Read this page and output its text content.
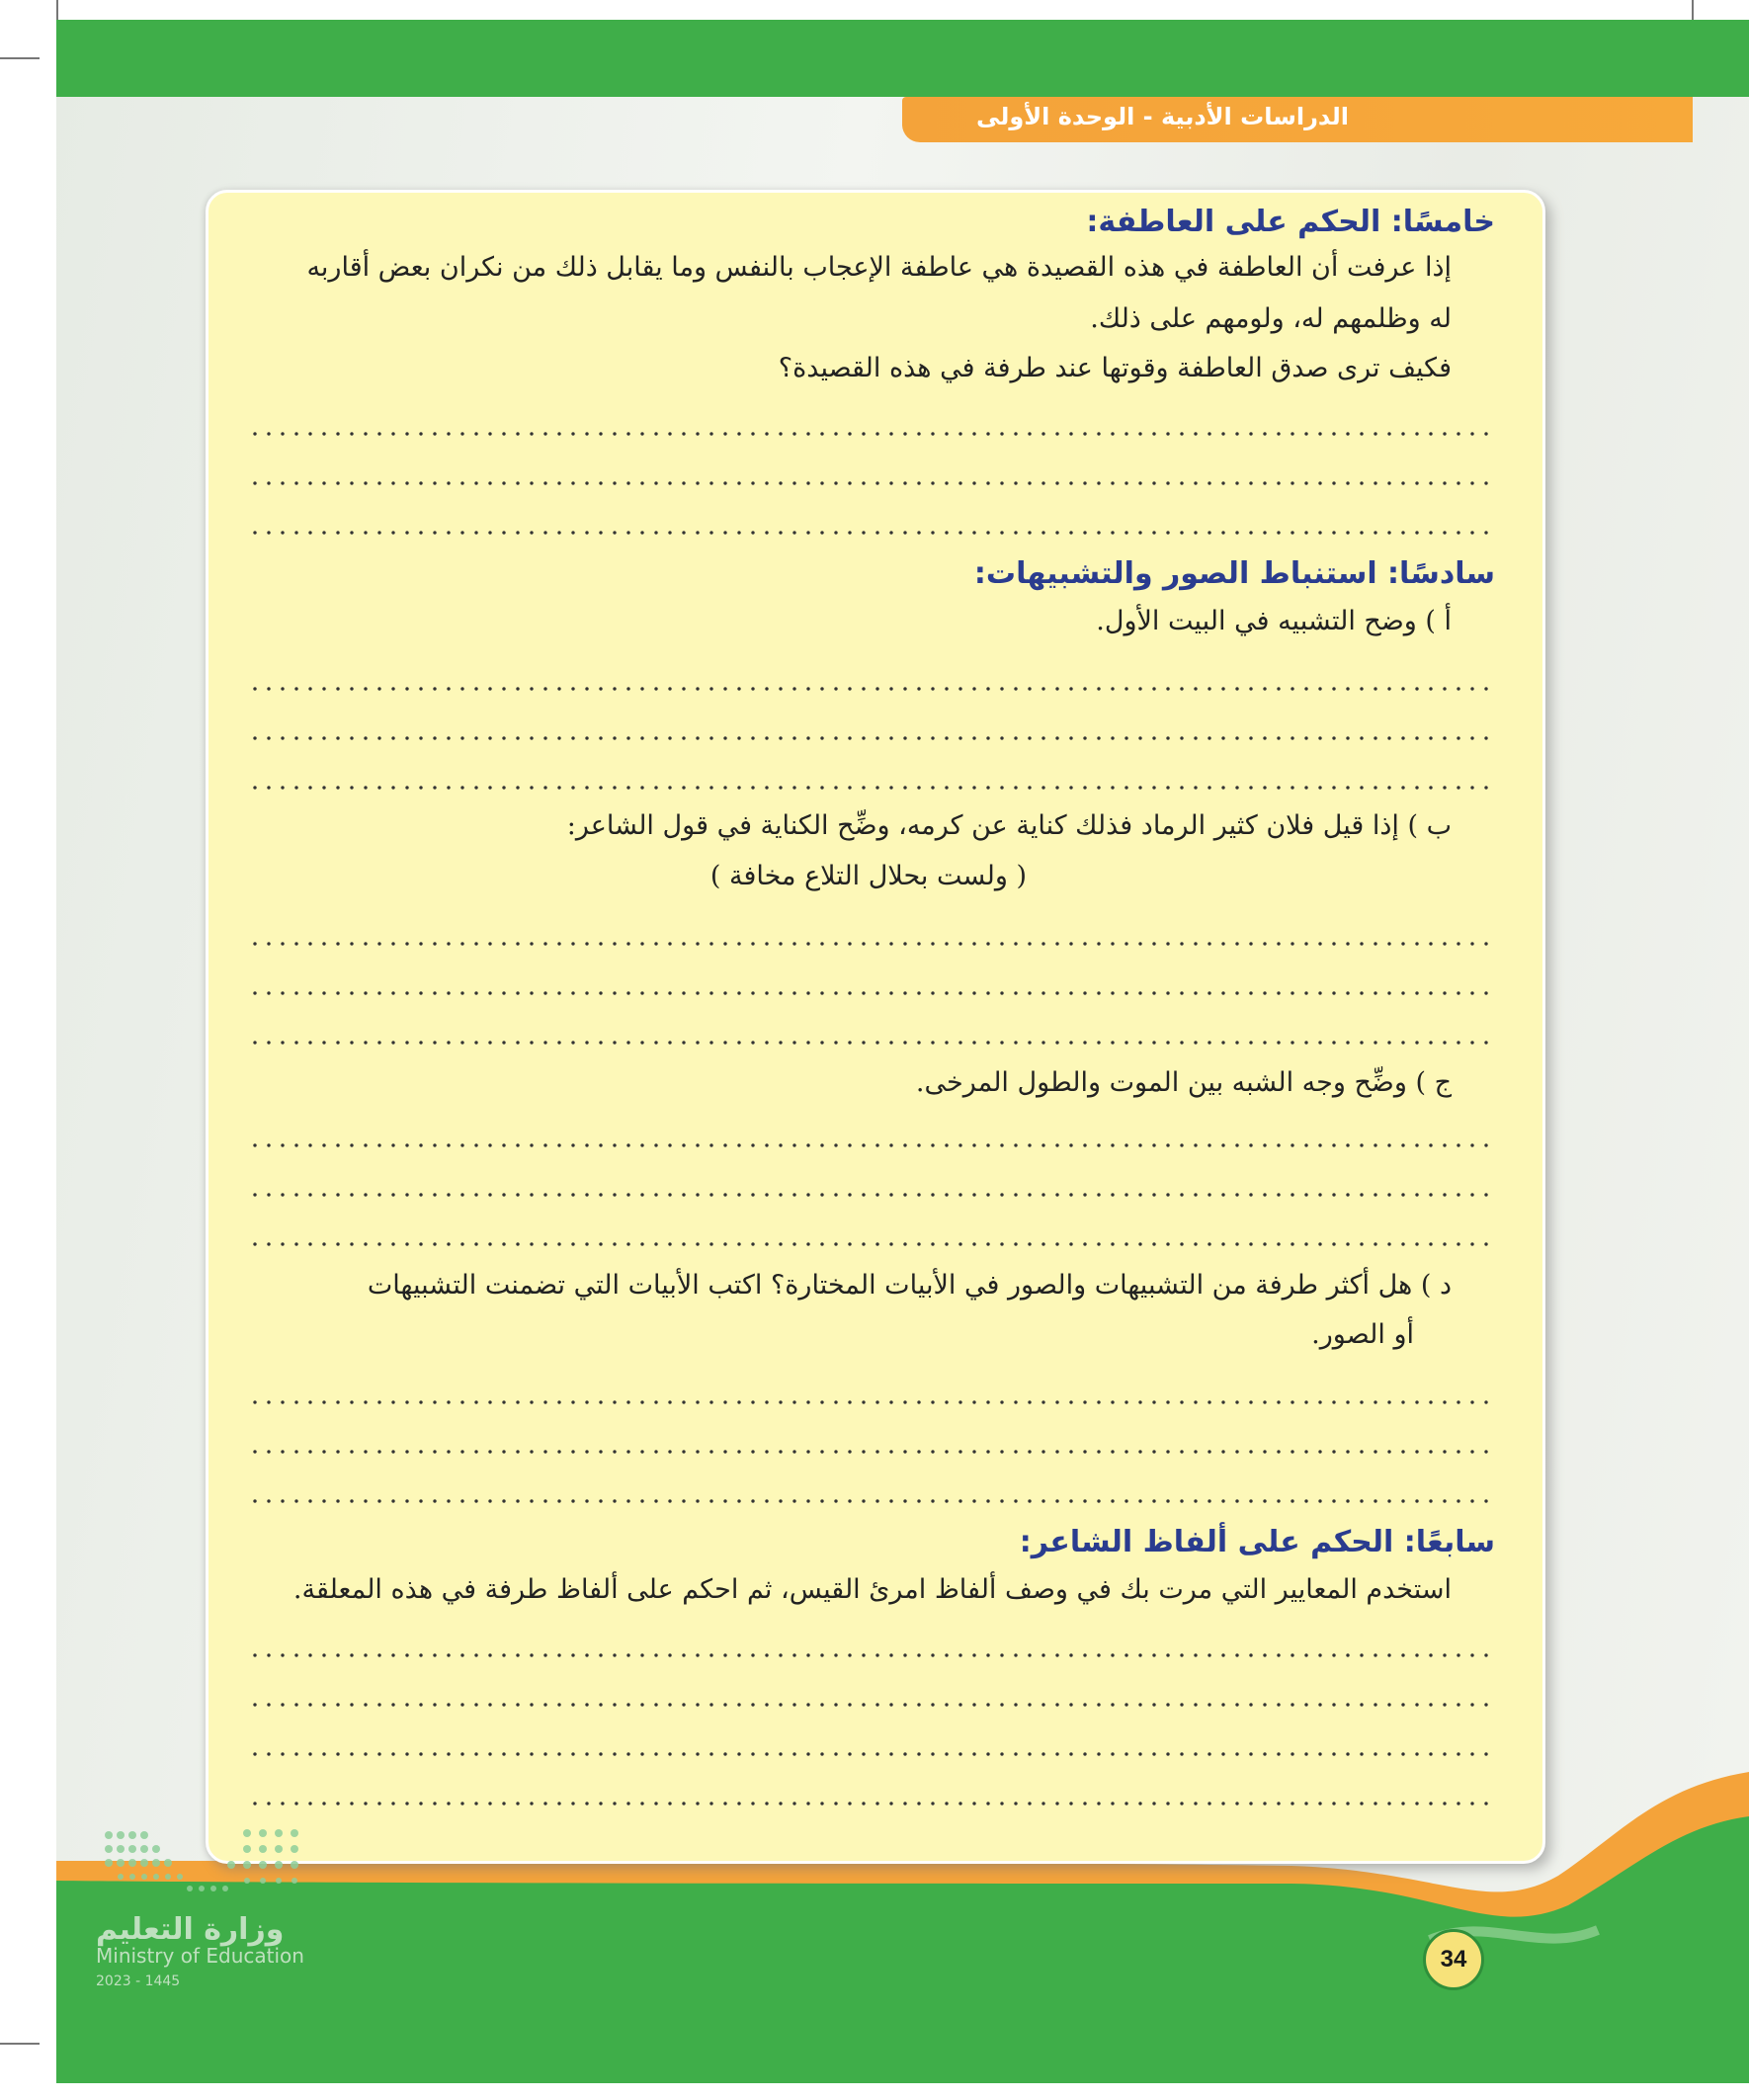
الدراسات الأدبية - الوحدة الأولى
خامسًا: الحكم على العاطفة:
إذا عرفت أن العاطفة في هذه القصيدة هي عاطفة الإعجاب بالنفس وما يقابل ذلك من نكران بعض أقاربه
له وظلمهم له، ولومهم على ذلك.
فكيف ترى صدق العاطفة وقوتها عند طرفة في هذه القصيدة؟
سادسًا: استنباط الصور والتشبيهات:
أ ) وضح التشبيه في البيت الأول.
ب ) إذا قيل فلان كثير الرماد فذلك كناية عن كرمه، وضِّح الكناية في قول الشاعر:
( ولست بحلال التلاع مخافة )
ج ) وضِّح وجه الشبه بين الموت والطول المرخى.
د ) هل أكثر طرفة من التشبيهات والصور في الأبيات المختارة؟ اكتب الأبيات التي تضمنت التشبيهات
أو الصور.
سابعًا: الحكم على ألفاظ الشاعر:
استخدم المعايير التي مرت بك في وصف ألفاظ امرئ القيس، ثم احكم على ألفاظ طرفة في هذه المعلقة.
وزارة التعليم
Ministry of Education
2023 - 1445
34
